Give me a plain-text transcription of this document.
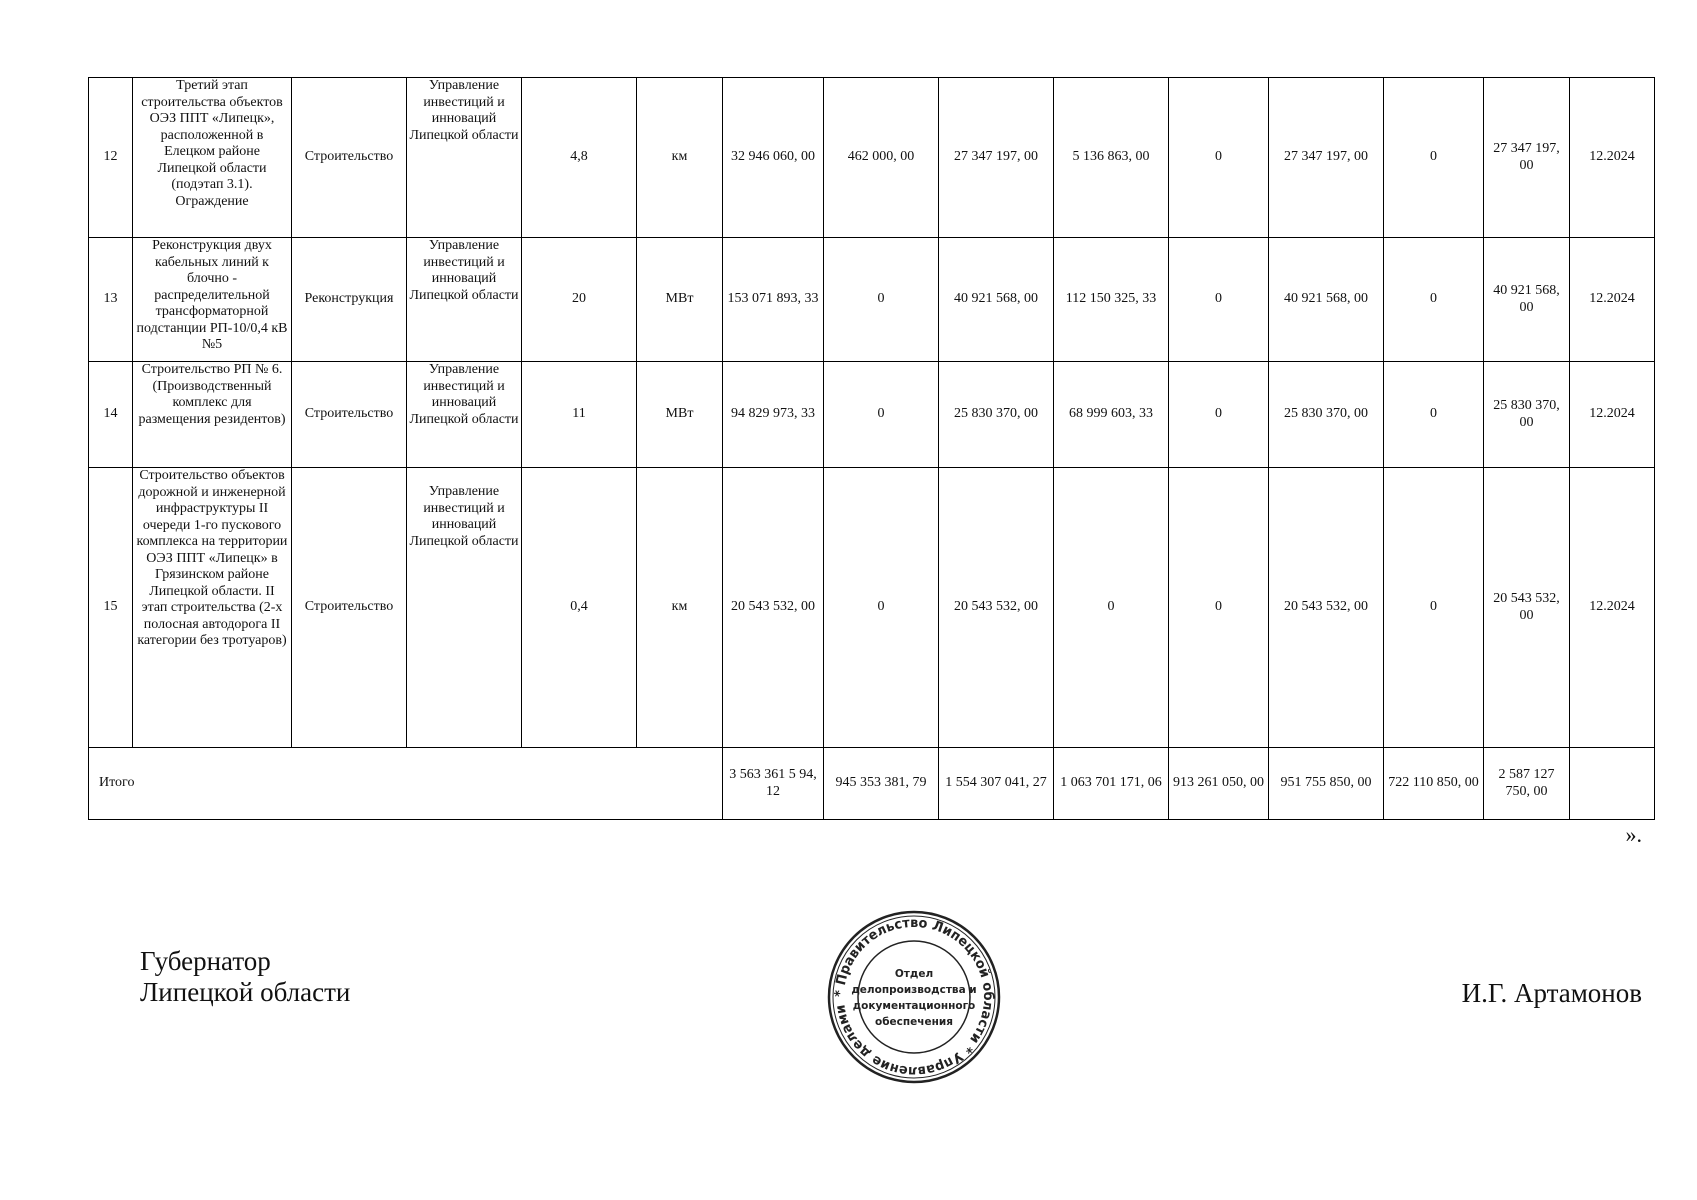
12	Третий этап строительства объектов ОЭЗ ППТ «Липецк», расположенной в Елецком районе Липецкой области (подэтап 3.1). Ограждение	Строительство	Управление инвестиций и инноваций Липецкой области	4,8	км	32 946 060, 00	462 000, 00	27 347 197, 00	5 136 863, 00	0	27 347 197, 00	0	27 347 197, 00	12.2024
13	Реконструкция двух кабельных линий к блочно - распределительной трансформаторной подстанции РП-10/0,4 кВ №5	Реконструкция	Управление инвестиций и инноваций Липецкой области	20	МВт	153 071 893, 33	0	40 921 568, 00	112 150 325, 33	0	40 921 568, 00	0	40 921 568, 00	12.2024
14	Строительство РП № 6. (Производственный комплекс для размещения резидентов)	Строительство	Управление инвестиций и инноваций Липецкой области	11	МВт	94 829 973, 33	0	25 830 370, 00	68 999 603, 33	0	25 830 370, 00	0	25 830 370, 00	12.2024
15	Строительство объектов дорожной и инженерной инфраструктуры II очереди 1-го пускового комплекса на территории ОЭЗ ППТ «Липецк» в Грязинском районе Липецкой области. II этап строительства (2-х полосная автодорога II категории без тротуаров)	Строительство	Управление инвестиций и инноваций Липецкой области	0,4	км	20 543 532, 00	0	20 543 532, 00	0	0	20 543 532, 00	0	20 543 532, 00	12.2024
Итого						3 563 361 5 94, 12	945 353 381, 79	1 554 307 041, 27	1 063 701 171, 06	913 261 050, 00	951 755 850, 00	722 110 850, 00	2 587 127 750, 00	
».
Губернатор
Липецкой области	И.Г. Артамонов
* Правительство Липецкой области * Управление делами
Отдел
делопроизводства и
документационного
обеспечения
